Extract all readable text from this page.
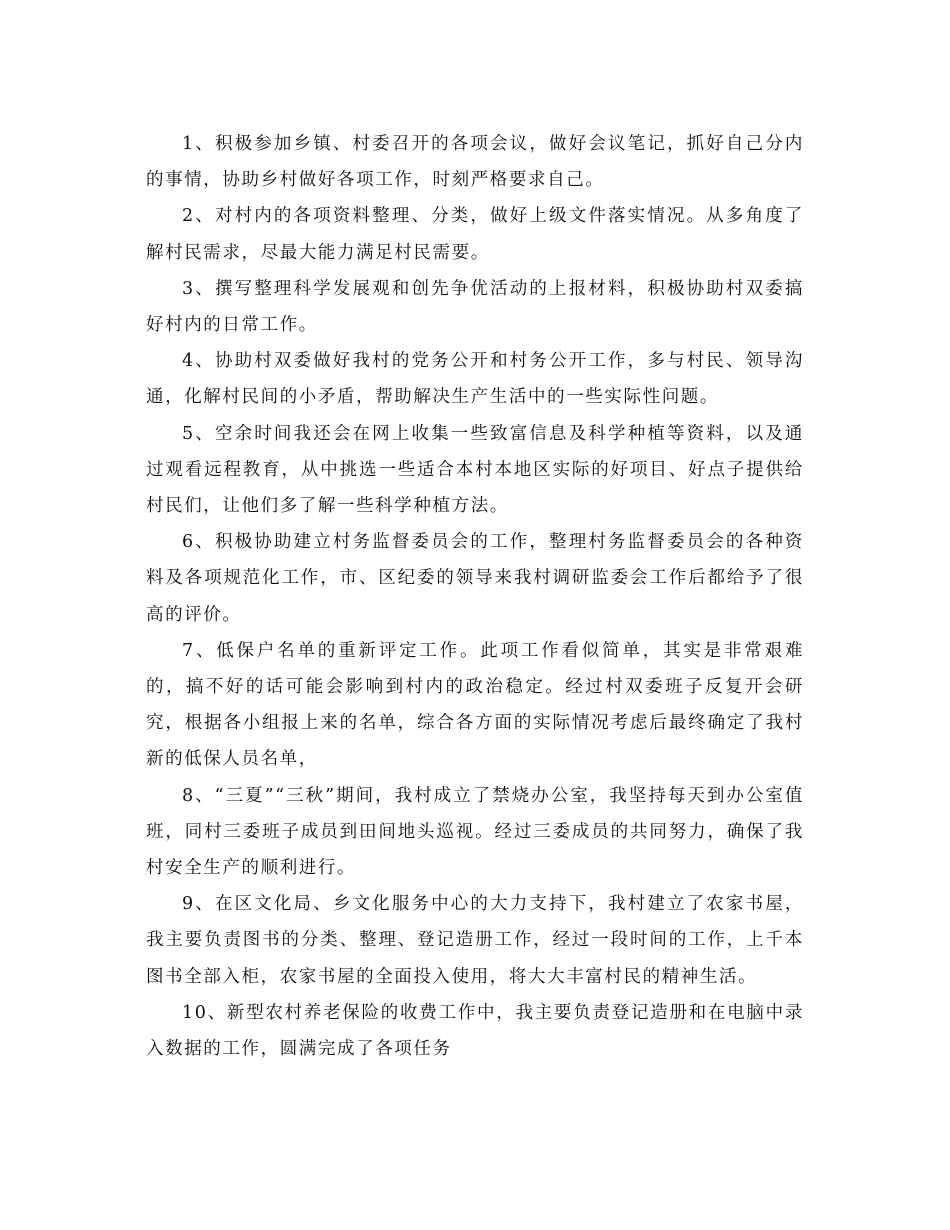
1、积极参加乡镇、村委召开的各项会议，做好会议笔记，抓好自己分内的事情，协助乡村做好各项工作，时刻严格要求自己。

2、对村内的各项资料整理、分类，做好上级文件落实情况。从多角度了解村民需求，尽最大能力满足村民需要。

3、撰写整理科学发展观和创先争优活动的上报材料，积极协助村双委搞好村内的日常工作。

4、协助村双委做好我村的党务公开和村务公开工作，多与村民、领导沟通，化解村民间的小矛盾，帮助解决生产生活中的一些实际性问题。

5、空余时间我还会在网上收集一些致富信息及科学种植等资料，以及通过观看远程教育，从中挑选一些适合本村本地区实际的好项目、好点子提供给村民们，让他们多了解一些科学种植方法。

6、积极协助建立村务监督委员会的工作，整理村务监督委员会的各种资料及各项规范化工作，市、区纪委的领导来我村调研监委会工作后都给予了很高的评价。

7、低保户名单的重新评定工作。此项工作看似简单，其实是非常艰难的，搞不好的话可能会影响到村内的政治稳定。经过村双委班子反复开会研究，根据各小组报上来的名单，综合各方面的实际情况考虑后最终确定了我村新的低保人员名单，

8、“三夏”“三秋”期间，我村成立了禁烧办公室，我坚持每天到办公室值班，同村三委班子成员到田间地头巡视。经过三委成员的共同努力，确保了我村安全生产的顺利进行。

9、在区文化局、乡文化服务中心的大力支持下，我村建立了农家书屋，我主要负责图书的分类、整理、登记造册工作，经过一段时间的工作，上千本图书全部入柜，农家书屋的全面投入使用，将大大丰富村民的精神生活。

10、新型农村养老保险的收费工作中，我主要负责登记造册和在电脑中录入数据的工作，圆满完成了各项任务
